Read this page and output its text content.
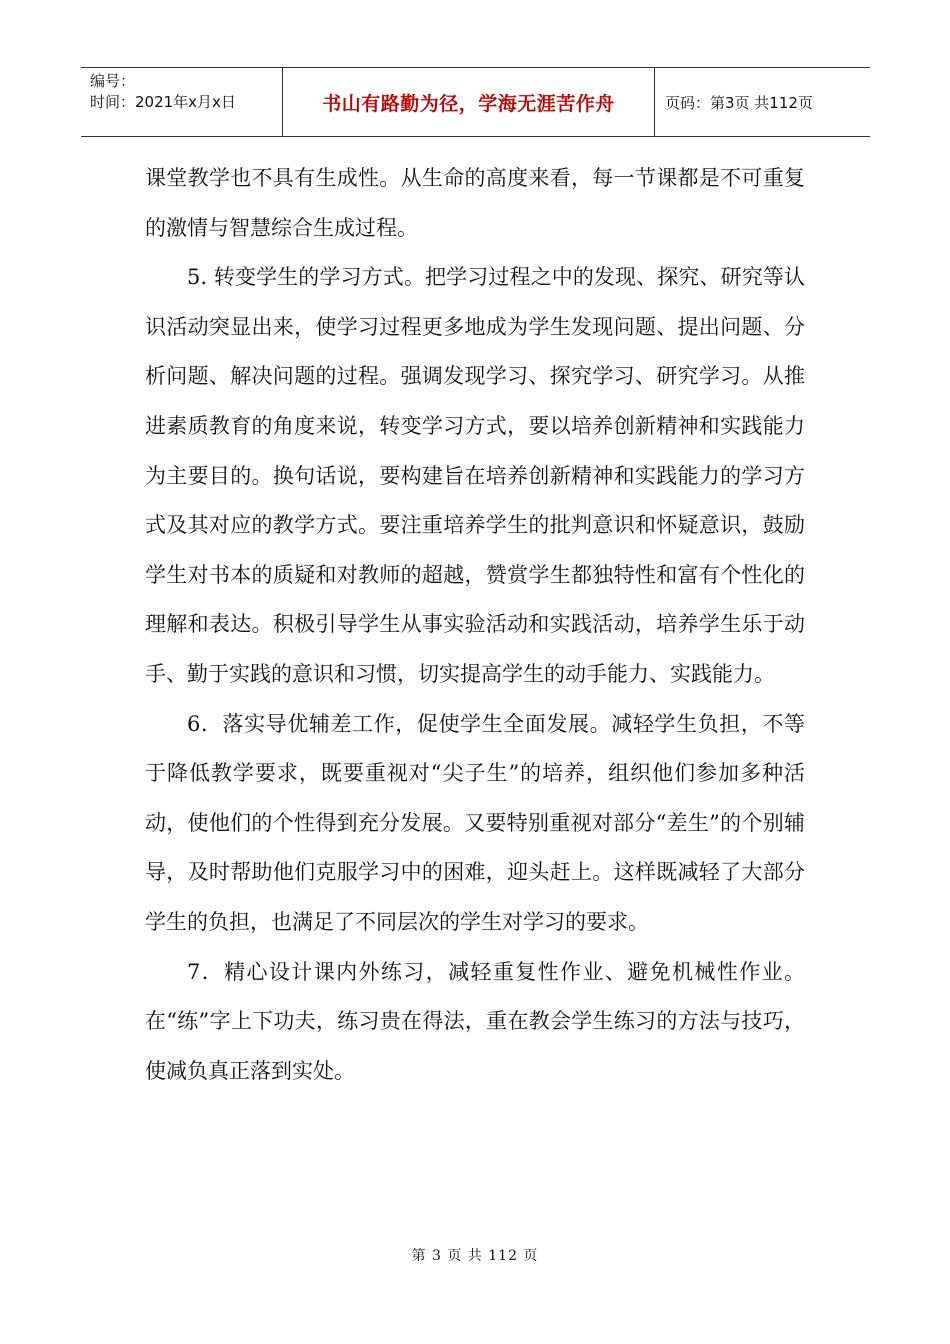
编号：
时间：2021年x月x日	书山有路勤为径，学海无涯苦作舟	页码：第3页 共112页

课堂教学也不具有生成性。从生命的高度来看，每一节课都是不可重复的激情与智慧综合生成过程。

5. 转变学生的学习方式。把学习过程之中的发现、探究、研究等认识活动突显出来，使学习过程更多地成为学生发现问题、提出问题、分析问题、解决问题的过程。强调发现学习、探究学习、研究学习。从推进素质教育的角度来说，转变学习方式，要以培养创新精神和实践能力为主要目的。换句话说，要构建旨在培养创新精神和实践能力的学习方式及其对应的教学方式。要注重培养学生的批判意识和怀疑意识，鼓励学生对书本的质疑和对教师的超越，赞赏学生都独特性和富有个性化的理解和表达。积极引导学生从事实验活动和实践活动，培养学生乐于动手、勤于实践的意识和习惯，切实提高学生的动手能力、实践能力。

6．落实导优辅差工作，促使学生全面发展。减轻学生负担，不等于降低教学要求，既要重视对“尖子生”的培养，组织他们参加多种活动，使他们的个性得到充分发展。又要特别重视对部分“差生”的个别辅导，及时帮助他们克服学习中的困难，迎头赶上。这样既减轻了大部分学生的负担，也满足了不同层次的学生对学习的要求。

7．精心设计课内外练习，减轻重复性作业、避免机械性作业。在“练”字上下功夫，练习贵在得法，重在教会学生练习的方法与技巧，使减负真正落到实处。

第 3 页 共 112 页
